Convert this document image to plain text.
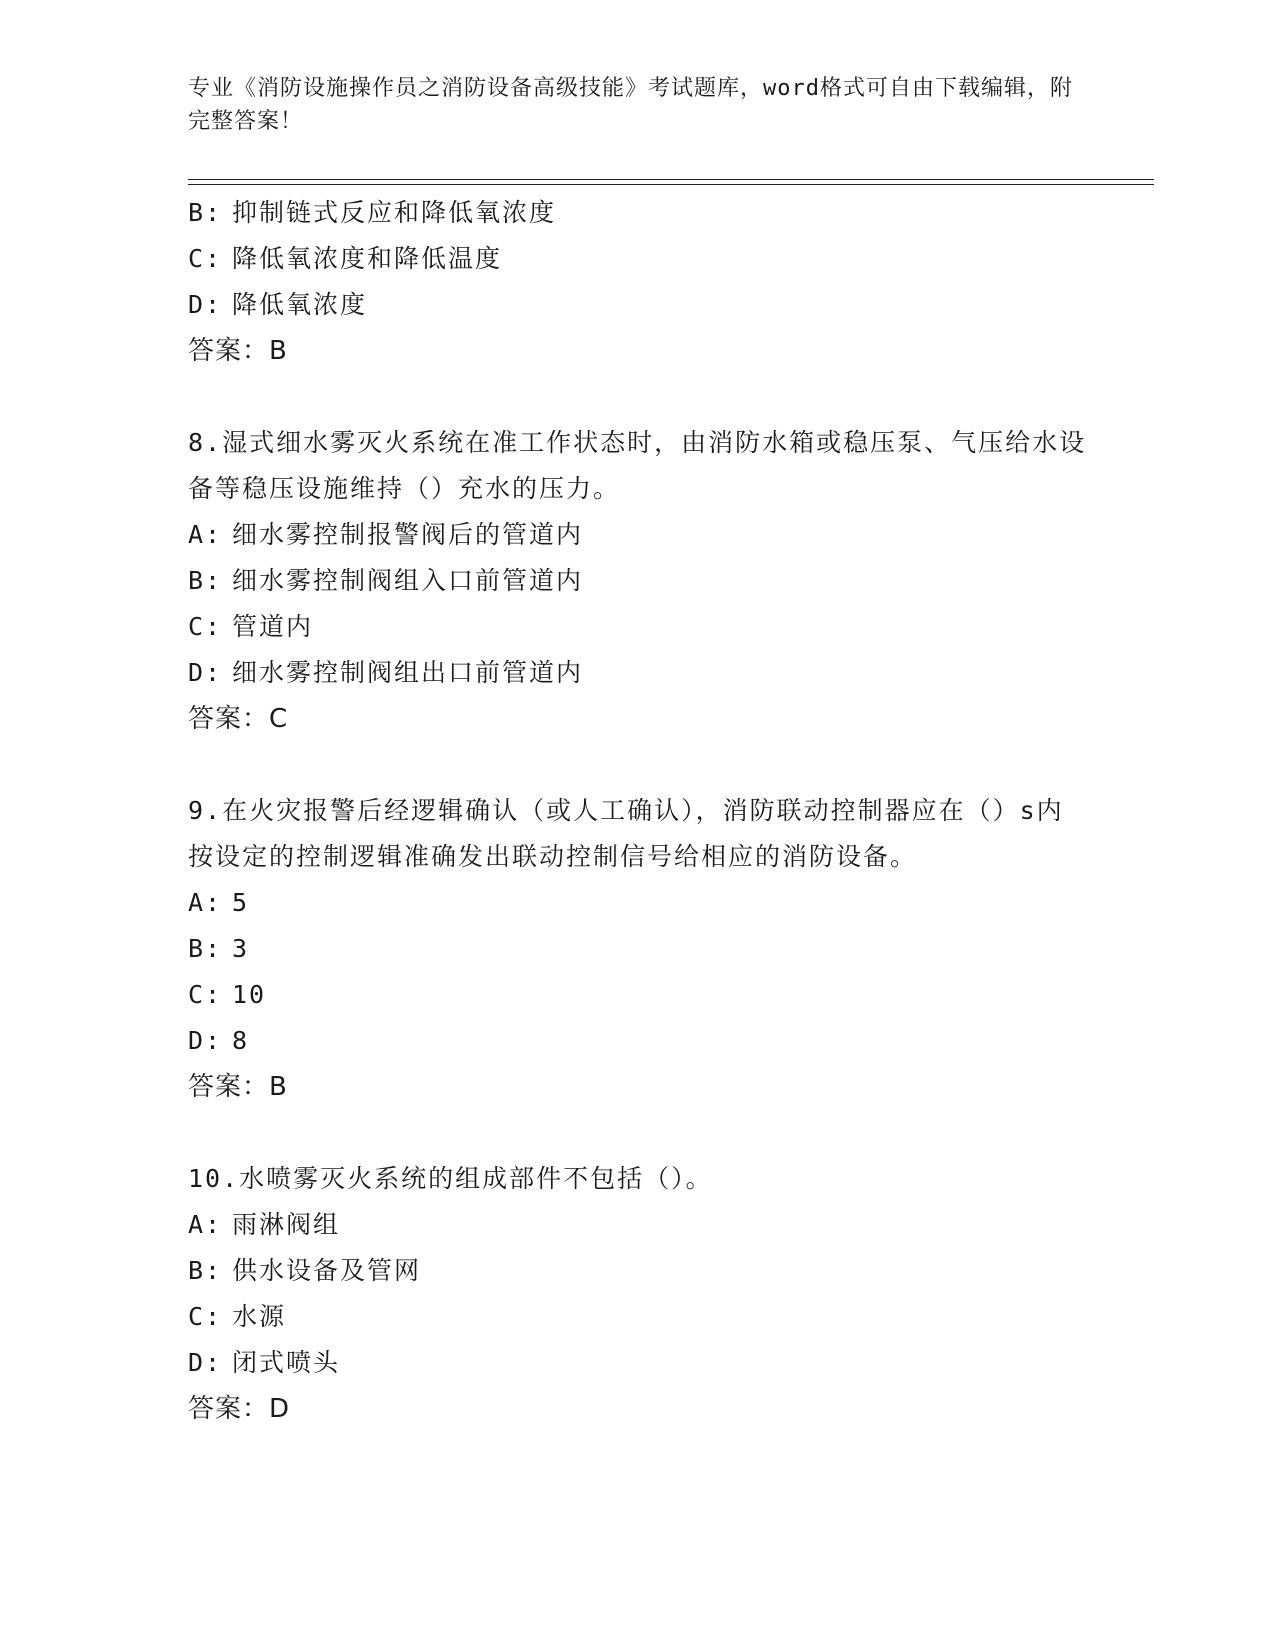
专业《消防设施操作员之消防设备高级技能》考试题库，word格式可自由下载编辑，附完整答案！

B: 抑制链式反应和降低氧浓度

C: 降低氧浓度和降低温度

D: 降低氧浓度

答案：B

8.湿式细水雾灭火系统在准工作状态时，由消防水箱或稳压泵、气压给水设备等稳压设施维持（）充水的压力。

A: 细水雾控制报警阀后的管道内

B: 细水雾控制阀组入口前管道内

C: 管道内

D: 细水雾控制阀组出口前管道内

答案：C

9.在火灾报警后经逻辑确认（或人工确认），消防联动控制器应在（）s内按设定的控制逻辑准确发出联动控制信号给相应的消防设备。

A: 5

B: 3

C: 10

D: 8

答案：B

10.水喷雾灭火系统的组成部件不包括（）。

A: 雨淋阀组

B: 供水设备及管网

C: 水源

D: 闭式喷头

答案：D
